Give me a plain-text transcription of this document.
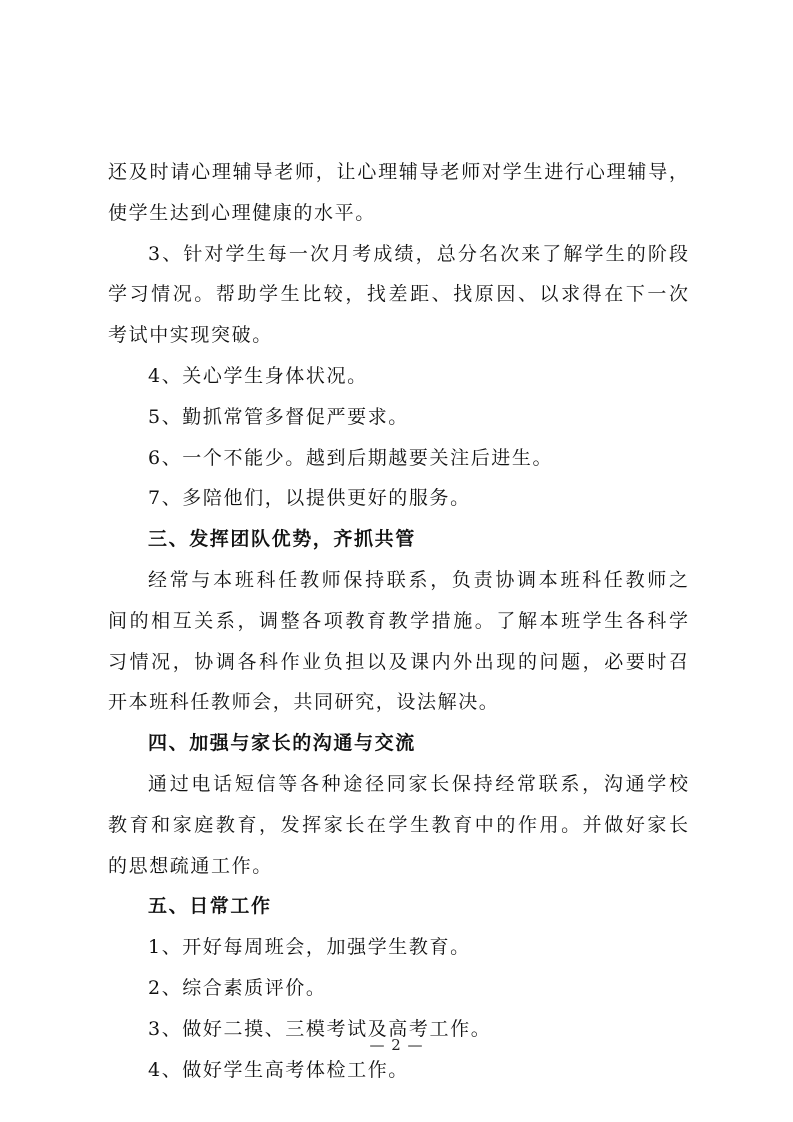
还及时请心理辅导老师，让心理辅导老师对学生进行心理辅导，
使学生达到心理健康的水平。
3、针对学生每一次月考成绩，总分名次来了解学生的阶段
学习情况。帮助学生比较，找差距、找原因、以求得在下一次
考试中实现突破。
4、关心学生身体状况。
5、勤抓常管多督促严要求。
6、一个不能少。越到后期越要关注后进生。
7、多陪他们，以提供更好的服务。
三、发挥团队优势，齐抓共管
经常与本班科任教师保持联系，负责协调本班科任教师之
间的相互关系，调整各项教育教学措施。了解本班学生各科学
习情况，协调各科作业负担以及课内外出现的问题，必要时召
开本班科任教师会，共同研究，设法解决。
四、加强与家长的沟通与交流
通过电话短信等各种途径同家长保持经常联系，沟通学校
教育和家庭教育，发挥家长在学生教育中的作用。并做好家长
的思想疏通工作。
五、日常工作
1、开好每周班会，加强学生教育。
2、综合素质评价。
3、做好二摸、三模考试及高考工作。
4、做好学生高考体检工作。
— 2 —
